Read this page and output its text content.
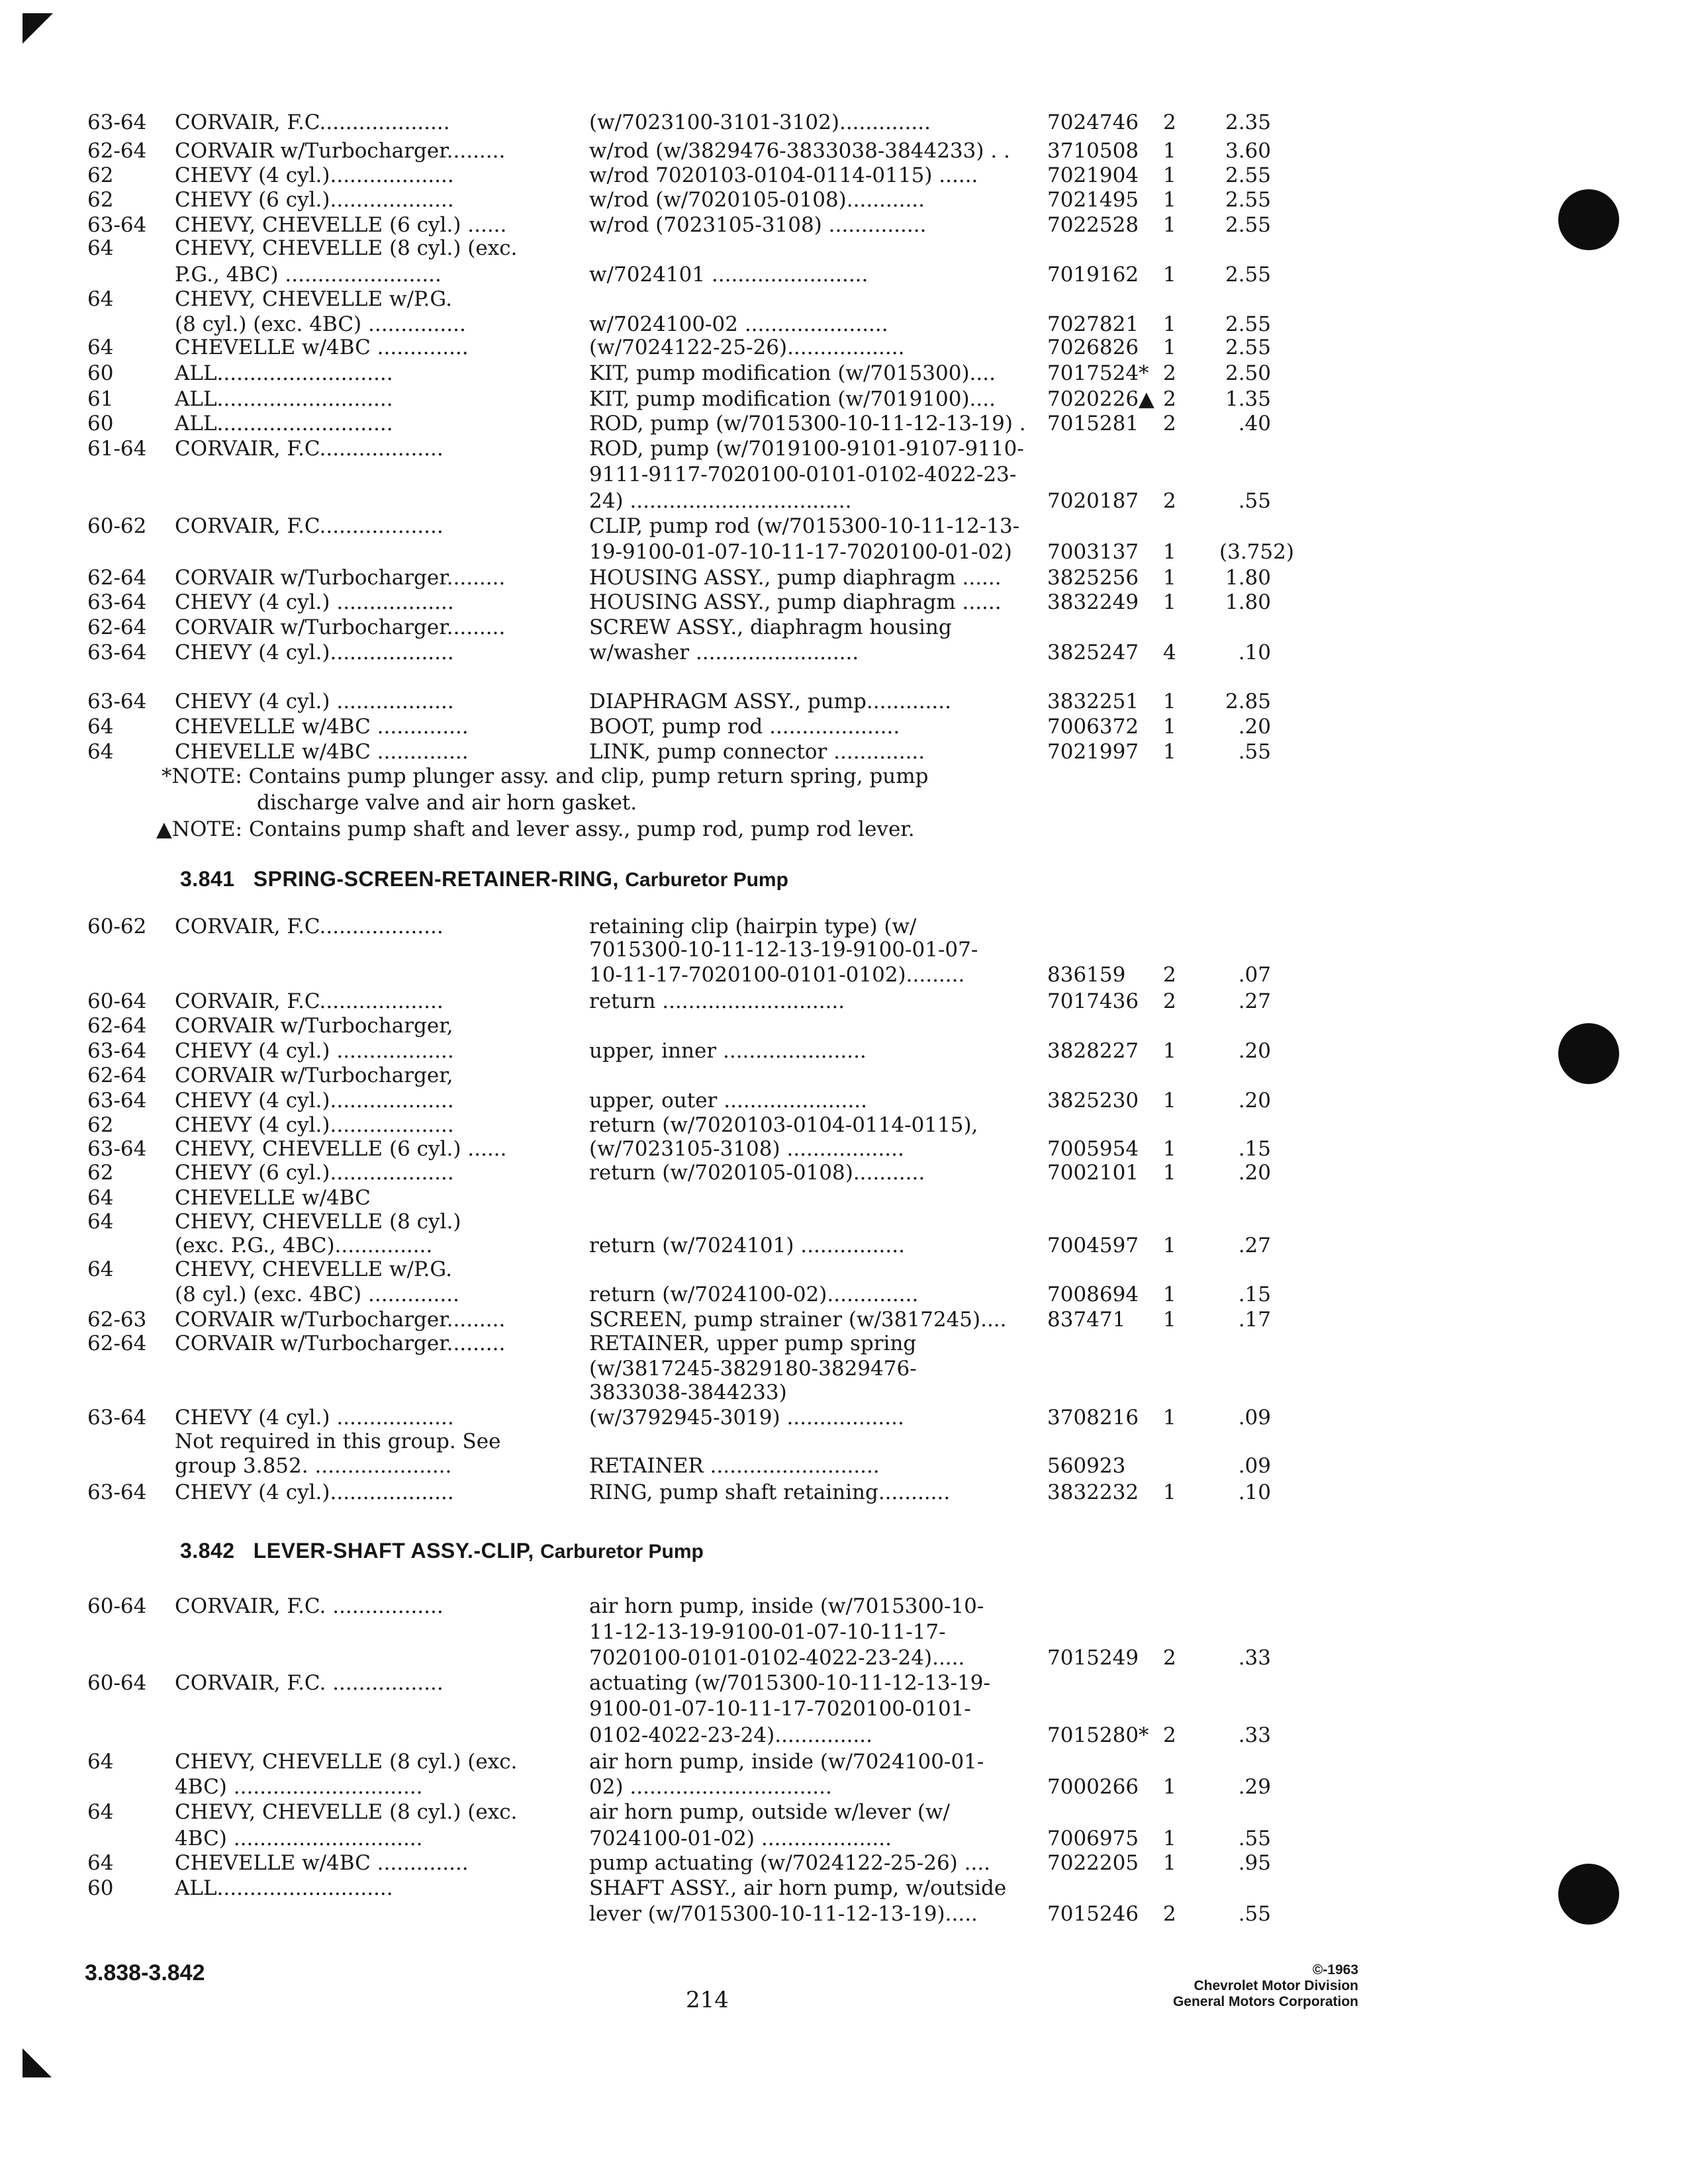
63-64 CORVAIR, F.C....................	(w/7023100-3101-3102)..............	7024746 2 2.35
62-64 CORVAIR w/Turbocharger.........	w/rod (w/3829476-3833038-3844233) . . 3710508 1 3.60
62	CHEVY (4 cyl.)...................	w/rod 7020103-0104-0114-0115) ......	7021904 1 2.55
62	CHEVY (6 cyl.)...................	w/rod (w/7020105-0108)............	7021495 1 2.55
63-64 CHEVY, CHEVELLE (6 cyl.) ......	w/rod (7023105-3108) ...............	7022528 1 2.55
64	CHEVY, CHEVELLE (8 cyl.) (exc.
P.G., 4BC) ........................	w/7024101 ........................	7019162 1 2.55
64	CHEVY, CHEVELLE w/P.G.
(8 cyl.) (exc. 4BC) ...............	w/7024100-02 ......................	7027821 1 2.55
64	CHEVELLE w/4BC ..............	(w/7024122-25-26)..................	7026826 1 2.55
60	ALL...........................	KIT, pump modification (w/7015300)....	7017524* 2 2.50
61	ALL...........................	KIT, pump modification (w/7019100)....	7020226▲ 2 1.35
60	ALL...........................	ROD, pump (w/7015300-10-11-12-13-19) . 7015281 2	.40
61-64 CORVAIR, F.C...................	ROD, pump (w/7019100-9101-9107-9110-
9111-9117-7020100-0101-0102-4022-23-
24) ..................................	7020187 2	.55
60-62 CORVAIR, F.C...................	CLIP, pump rod (w/7015300-10-11-12-13-
19-9100-01-07-10-11-17-7020100-01-02) 7003137 1 (3.752)
62-64 CORVAIR w/Turbocharger.........	HOUSING ASSY., pump diaphragm ...... 3825256 1 1.80
63-64 CHEVY (4 cyl.) ..................	HOUSING ASSY., pump diaphragm ...... 3832249 1 1.80
62-64 CORVAIR w/Turbocharger.........	SCREW ASSY., diaphragm housing
63-64 CHEVY (4 cyl.)...................	w/washer .........................	3825247 4	.10
63-64 CHEVY (4 cyl.) ..................	DIAPHRAGM ASSY., pump.............	3832251 1 2.85
64	CHEVELLE w/4BC ..............	BOOT, pump rod ....................	7006372 1	.20
64	CHEVELLE w/4BC ..............	LINK, pump connector ..............	7021997 1	.55
*NOTE: Contains pump plunger assy. and clip, pump return spring, pump
discharge valve and air horn gasket.
▲NOTE: Contains pump shaft and lever assy., pump rod, pump rod lever.
3.841 SPRING-SCREEN-RETAINER-RING, Carburetor Pump
60-62 CORVAIR, F.C...................	retaining clip (hairpin type) (w/
7015300-10-11-12-13-19-9100-01-07-
10-11-17-7020100-0101-0102).........	836159 2	.07
60-64 CORVAIR, F.C...................	return ............................	7017436 2	.27
62-64 CORVAIR w/Turbocharger,
63-64 CHEVY (4 cyl.) ..................	upper, inner ......................	3828227 1	.20
62-64 CORVAIR w/Turbocharger,
63-64 CHEVY (4 cyl.)...................	upper, outer ......................	3825230 1	.20
62	CHEVY (4 cyl.)...................	return (w/7020103-0104-0114-0115),
63-64 CHEVY, CHEVELLE (6 cyl.) ......	(w/7023105-3108) ..................	7005954 1	.15
62	CHEVY (6 cyl.)...................	return (w/7020105-0108)...........	7002101 1	.20
64	CHEVELLE w/4BC
64	CHEVY, CHEVELLE (8 cyl.)
(exc. P.G., 4BC)...............	return (w/7024101) ................	7004597 1	.27
64	CHEVY, CHEVELLE w/P.G.
(8 cyl.) (exc. 4BC) ..............	return (w/7024100-02)..............	7008694 1	.15
62-63 CORVAIR w/Turbocharger.........	SCREEN, pump strainer (w/3817245).... 837471 1	.17
62-64 CORVAIR w/Turbocharger.........	RETAINER, upper pump spring
(w/3817245-3829180-3829476-
3833038-3844233)
63-64 CHEVY (4 cyl.) ..................	(w/3792945-3019) ..................	3708216 1	.09
Not required in this group. See
group 3.852. .....................	RETAINER ..........................	560923	.09
63-64 CHEVY (4 cyl.)...................	RING, pump shaft retaining...........	3832232 1	.10
3.842 LEVER-SHAFT ASSY.-CLIP, Carburetor Pump
60-64 CORVAIR, F.C. .................	air horn pump, inside (w/7015300-10-
11-12-13-19-9100-01-07-10-11-17-
7020100-0101-0102-4022-23-24).....	7015249 2	.33
60-64 CORVAIR, F.C. .................	actuating (w/7015300-10-11-12-13-19-
9100-01-07-10-11-17-7020100-0101-
0102-4022-23-24)...............	7015280* 2	.33
64	CHEVY, CHEVELLE (8 cyl.) (exc.	air horn pump, inside (w/7024100-01-
4BC) .............................	02) ...............................	7000266 1	.29
64	CHEVY, CHEVELLE (8 cyl.) (exc.	air horn pump, outside w/lever (w/
4BC) .............................	7024100-01-02) ....................	7006975 1	.55
64	CHEVELLE w/4BC ..............	pump actuating (w/7024122-25-26) ....	7022205 1	.95
60	ALL...........................	SHAFT ASSY., air horn pump, w/outside
lever (w/7015300-10-11-12-13-19).....	7015246 2	.55
3.838-3.842
214
©-1963
Chevrolet Motor Division
General Motors Corporation
